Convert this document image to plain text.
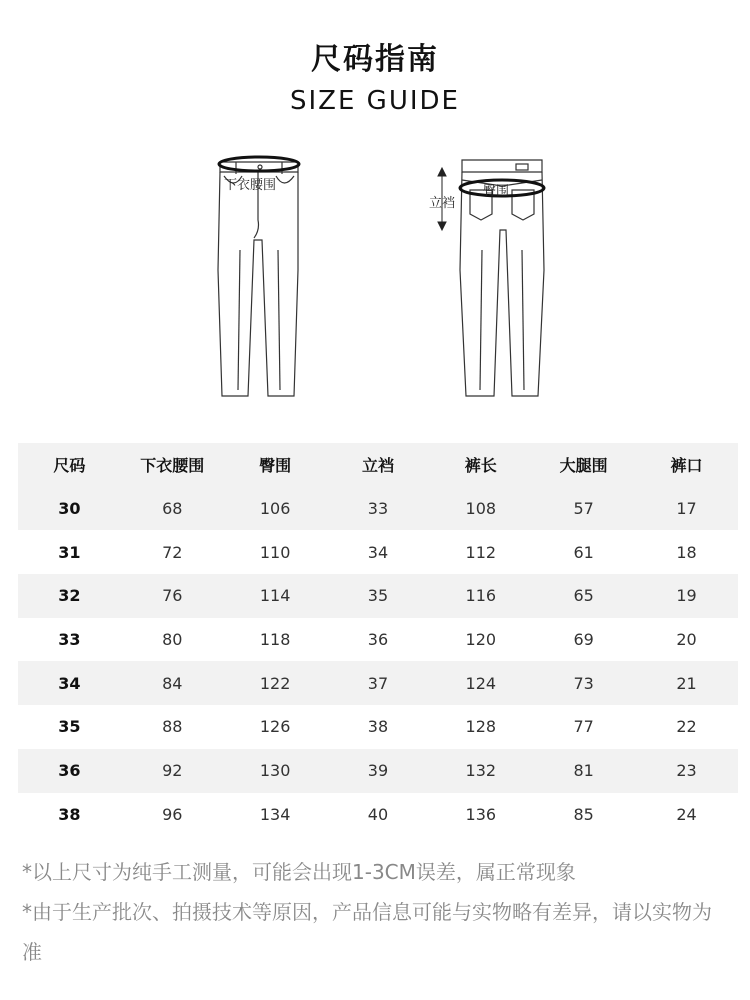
尺码指南
SIZE GUIDE
下衣腰围
立裆
臀围
尺码	下衣腰围	臀围	立裆	裤长	大腿围	裤口
30	68	106	33	108	57	17
31	72	110	34	112	61	18
32	76	114	35	116	65	19
33	80	118	36	120	69	20
34	84	122	37	124	73	21
35	88	126	38	128	77	22
36	92	130	39	132	81	23
38	96	134	40	136	85	24

*以上尺寸为纯手工测量，可能会出现1-3CM误差，属正常现象

*由于生产批次、拍摄技术等原因，产品信息可能与实物略有差异，请以实物为准
